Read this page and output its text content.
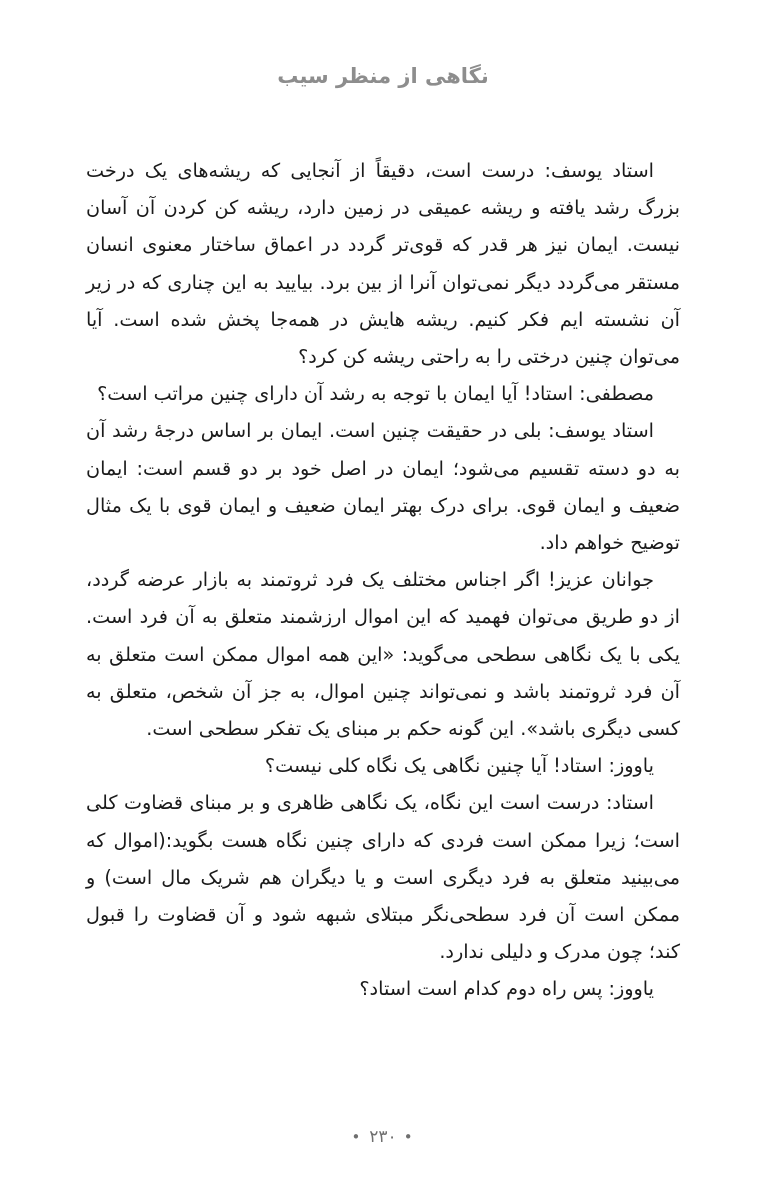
نگاهی از منظر سیب

استاد یوسف: درست است، دقیقاً از آنجایی که ریشه‌های یک درخت بزرگ رشد یافته و ریشه عمیقی در زمین دارد، ریشه کن کردن آن آسان نیست. ایمان نیز هر قدر که قوی‌تر گردد در اعماق ساختار معنوی انسان مستقر می‌گردد دیگر نمی‌توان آنرا از بین برد. بیایید به این چناری که در زیر آن نشسته ایم فکر کنیم. ریشه هایش در همه‌جا پخش شده است. آیا می‌توان چنین درختی را به راحتی ریشه کن کرد؟

مصطفی: استاد! آیا ایمان با توجه به رشد آن دارای چنین مراتب است؟

استاد یوسف: بلی در حقیقت چنین است. ایمان بر اساس درجۀ رشد آن به دو دسته تقسیم می‌شود؛ ایمان در اصل خود بر دو قسم است: ایمان ضعیف و ایمان قوی. برای درک بهتر ایمان ضعیف و ایمان قوی با یک مثال توضیح خواهم داد.

جوانان عزیز! اگر اجناس مختلف یک فرد ثروتمند به بازار عرضه گردد، از دو طریق می‌توان فهمید که این اموال ارزشمند متعلق به آن فرد است. یکی با یک نگاهی سطحی می‌گوید: «این همه اموال ممکن است متعلق به آن فرد ثروتمند باشد و نمی‌تواند چنین اموال، به جز آن شخص، متعلق به کسی دیگری باشد». این گونه حکم بر مبنای یک تفکر سطحی است.

یاووز: استاد! آیا چنین نگاهی یک نگاه کلی نیست؟

استاد: درست است این نگاه، یک نگاهی ظاهری و بر مبنای قضاوت کلی است؛ زیرا ممکن است فردی که دارای چنین نگاه هست بگوید:(اموال که می‌بینید متعلق به فرد دیگری است و یا دیگران هم شریک مال است) و ممکن است آن فرد سطحی‌نگر مبتلای شبهه شود و آن قضاوت را قبول کند؛ چون مدرک و دلیلی ندارد.

یاووز: پس راه دوم کدام است استاد؟

•۲۳۰•
